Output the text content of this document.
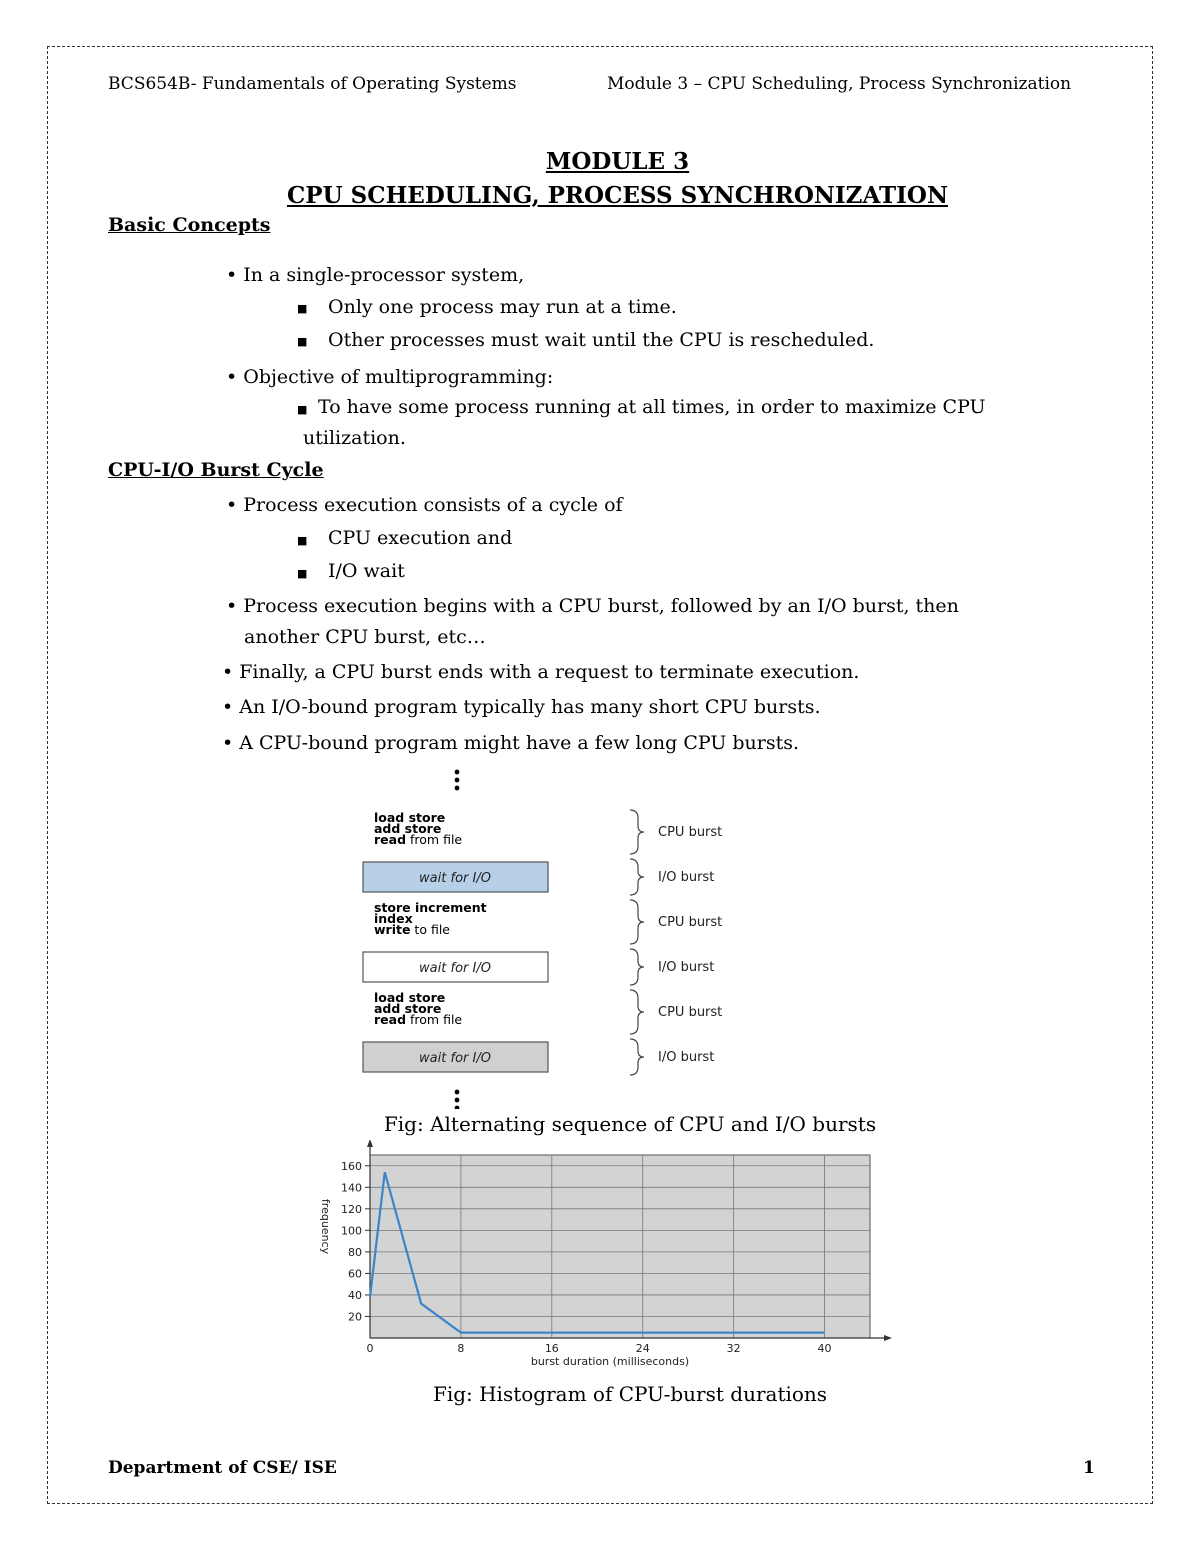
BCS654B- Fundamentals of Operating Systems	Module 3 – CPU Scheduling, Process Synchronization
MODULE 3
CPU SCHEDULING, PROCESS SYNCHRONIZATION
Basic Concepts
• In a single-processor system,
■ Only one process may run at a time.
■ Other processes must wait until the CPU is rescheduled.
• Objective of multiprogramming:
■ To have some process running at all times, in order to maximize CPU
utilization.
CPU-I/O Burst Cycle
• Process execution consists of a cycle of
■ CPU execution and
■ I/O wait
• Process execution begins with a CPU burst, followed by an I/O burst, then
another CPU burst, etc…
• Finally, a CPU burst ends with a request to terminate execution.
• An I/O-bound program typically has many short CPU bursts.
• A CPU-bound program might have a few long CPU bursts.
load store
add store
read from file	CPU burst
wait for I/O	I/O burst
store increment
index
write to file	CPU burst
wait for I/O	I/O burst
load store
add store
read from file	CPU burst
wait for I/O	I/O burst
Fig: Alternating sequence of CPU and I/O bursts
20
40
60
80
100
120
140
160
0	8	16	24	32	40
burst duration (milliseconds)
frequency
Fig: Histogram of CPU-burst durations
Department of CSE/ ISE	1
